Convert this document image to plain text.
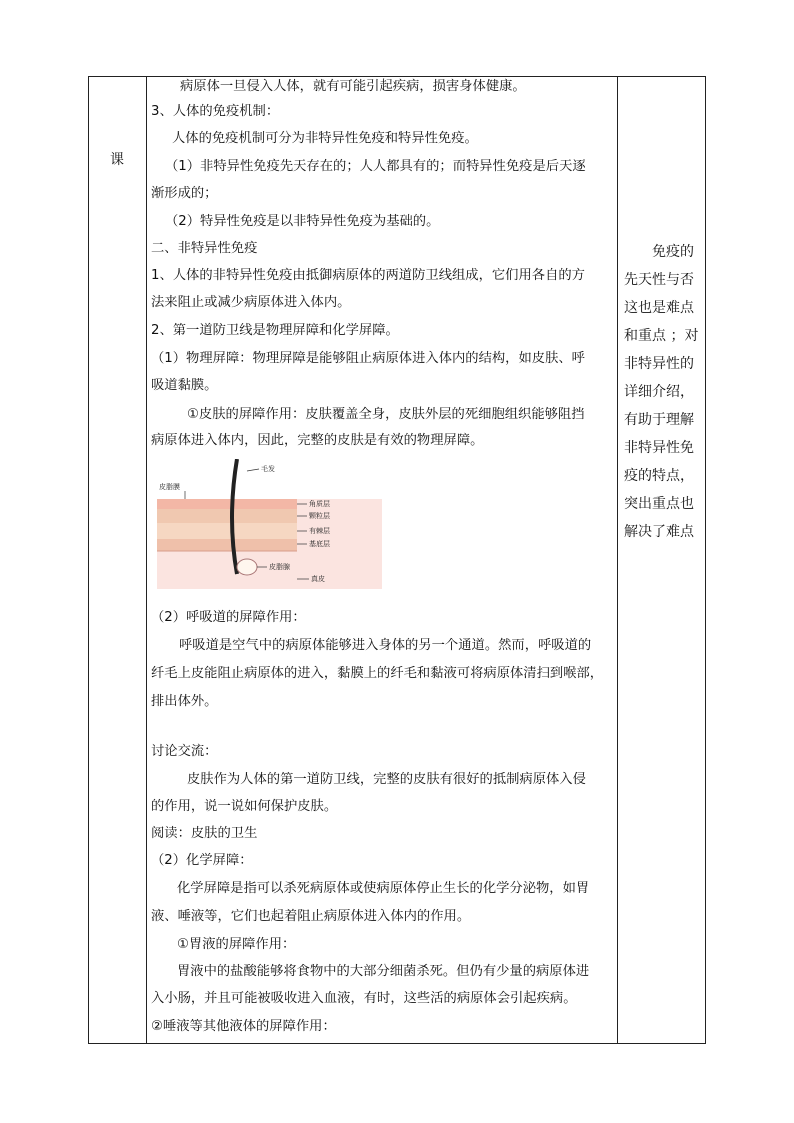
课
病原体一旦侵入人体，就有可能引起疾病，损害身体健康。
3、人体的免疫机制：
人体的免疫机制可分为非特异性免疫和特异性免疫。
（1）非特异性免疫先天存在的；人人都具有的；而特异性免疫是后天逐
渐形成的；
（2）特异性免疫是以非特异性免疫为基础的。
二、非特异性免疫
1、人体的非特异性免疫由抵御病原体的两道防卫线组成，它们用各自的方
法来阻止或减少病原体进入体内。
2、第一道防卫线是物理屏障和化学屏障。
（1）物理屏障：物理屏障是能够阻止病原体进入体内的结构，如皮肤、呼
吸道黏膜。
①皮肤的屏障作用：皮肤覆盖全身，皮肤外层的死细胞组织能够阻挡
病原体进入体内，因此，完整的皮肤是有效的物理屏障。
皮脂膜
毛发
角质层
颗粒层
有棘层
基底层
皮脂腺
真皮
（2）呼吸道的屏障作用：
呼吸道是空气中的病原体能够进入身体的另一个通道。然而，呼吸道的
纤毛上皮能阻止病原体的进入，黏膜上的纤毛和黏液可将病原体清扫到喉部，
排出体外。
讨论交流：
皮肤作为人体的第一道防卫线，完整的皮肤有很好的抵制病原体入侵
的作用，说一说如何保护皮肤。
阅读：皮肤的卫生
（2）化学屏障：
化学屏障是指可以杀死病原体或使病原体停止生长的化学分泌物，如胃
液、唾液等，它们也起着阻止病原体进入体内的作用。
①胃液的屏障作用：
胃液中的盐酸能够将食物中的大部分细菌杀死。但仍有少量的病原体进
入小肠，并且可能被吸收进入血液，有时，这些活的病原体会引起疾病。
②唾液等其他液体的屏障作用：
免疫的
先天性与否
这也是难点
和重点 ；对
非特异性的
详细介绍，
有助于理解
非特异性免
疫的特点，
突出重点也
解决了难点
